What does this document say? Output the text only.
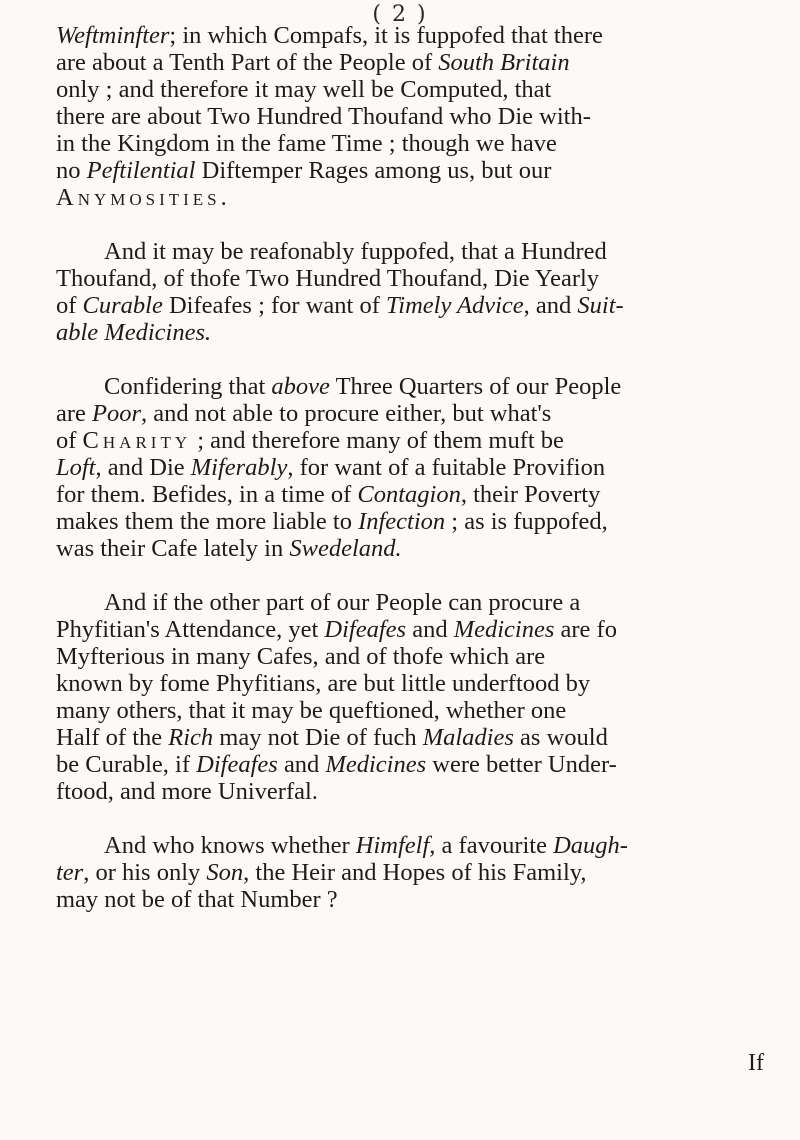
( 2 )
Weftminfter; in which Compafs, it is fuppofed that there
are about a Tenth Part of the People of South Britain
only ; and therefore it may well be Computed, that
there are about Two Hundred Thoufand who Die with-
in the Kingdom in the fame Time ; though we have
no Peftilential Diftemper Rages among us, but our
Anymosities.
And it may be reafonably fuppofed, that a Hundred
Thoufand, of thofe Two Hundred Thoufand, Die Yearly
of Curable Difeafes ; for want of Timely Advice, and Suit-
able Medicines.
Confidering that above Three Quarters of our People
are Poor, and not able to procure either, but what's
of Charity ; and therefore many of them muft be
Loft, and Die Miferably, for want of a fuitable Provifion
for them. Befides, in a time of Contagion, their Poverty
makes them the more liable to Infection ; as is fuppofed,
was their Cafe lately in Swedeland.
And if the other part of our People can procure a
Phyfitian's Attendance, yet Difeafes and Medicines are fo
Myfterious in many Cafes, and of thofe which are
known by fome Phyfitians, are but little underftood by
many others, that it may be queftioned, whether one
Half of the Rich may not Die of fuch Maladies as would
be Curable, if Difeafes and Medicines were better Under-
ftood, and more Univerfal.
And who knows whether Himfelf, a favourite Daugh-
ter, or his only Son, the Heir and Hopes of his Family,
may not be of that Number ?
If
